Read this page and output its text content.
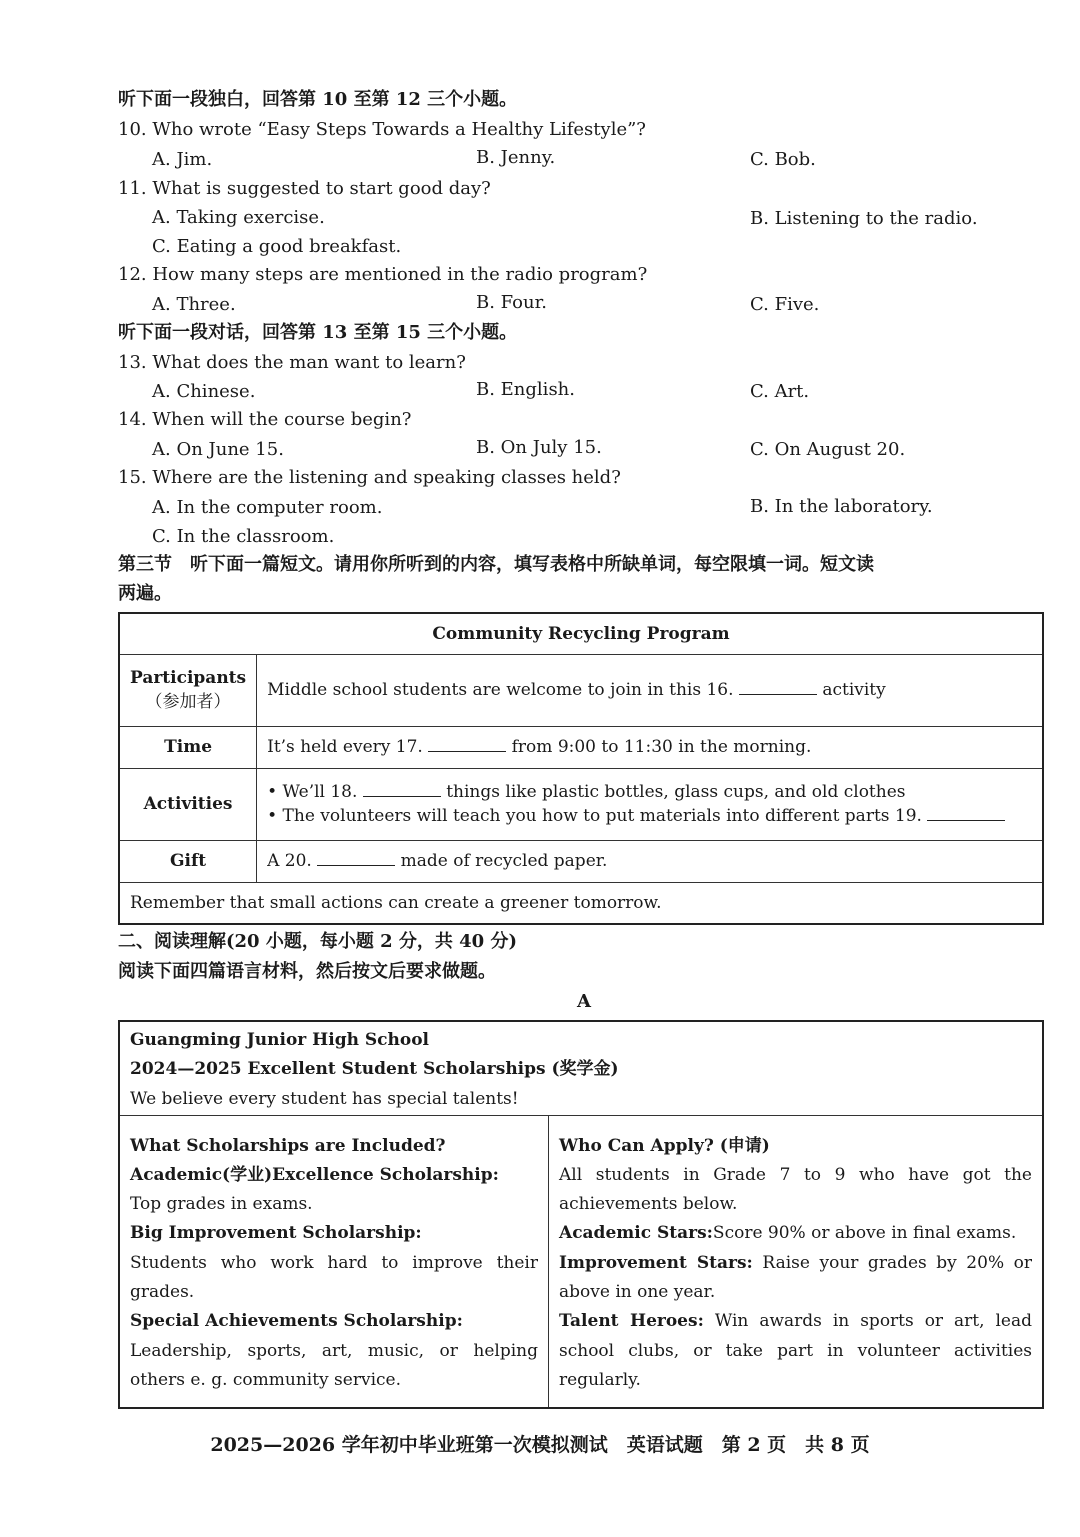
听下面一段独白，回答第 10 至第 12 三个小题。
10. Who wrote “Easy Steps Towards a Healthy Lifestyle”?
A. Jim.	B. Jenny.	C. Bob.
11. What is suggested to start good day?
A. Taking exercise.	B. Listening to the radio.
C. Eating a good breakfast.
12. How many steps are mentioned in the radio program?
A. Three.	B. Four.	C. Five.
听下面一段对话，回答第 13 至第 15 三个小题。
13. What does the man want to learn?
A. Chinese.	B. English.	C. Art.
14. When will the course begin?
A. On June 15.	B. On July 15.	C. On August 20.
15. Where are the listening and speaking classes held?
A. In the computer room.	B. In the laboratory.
C. In the classroom.
第三节　听下面一篇短文。请用你所听到的内容，填写表格中所缺单词，每空限填一词。短文读
两遍。
Community Recycling Program	

Participants
（参加者）	Middle school students are welcome to join in this 16. activity
Time	It’s held every 17. from 9:00 to 11:30 in the morning.
Activities	• We’ll 18. things like plastic bottles, glass cups, and old clothes
• The volunteers will teach you how to put materials into different parts 19.

Gift	A 20. made of recycled paper.
Remember that small actions can create a greener tomorrow.	
二、阅读理解(20 小题，每小题 2 分，共 40 分)
阅读下面四篇语言材料，然后按文后要求做题。
A
Guangming Junior High School
2024—2025 Excellent Student Scholarships (奖学金)
We believe every student has special talents!

What Scholarships are Included?
Academic(学业)Excellence Scholarship:
Top grades in exams.
Big Improvement Scholarship:
Students who work hard to improve their grades.
Special Achievements Scholarship:
Leadership, sports, art, music, or helping others e. g. community service.

Who Can Apply? (申请)
All students in Grade 7 to 9 who have got the achievements below.
Academic Stars:Score 90% or above in final exams.
Improvement Stars: Raise your grades by 20% or above in one year.
Talent Heroes: Win awards in sports or art, lead school clubs, or take part in volunteer activities regularly.
2025—2026 学年初中毕业班第一次模拟测试　英语试题　第 2 页　共 8 页
